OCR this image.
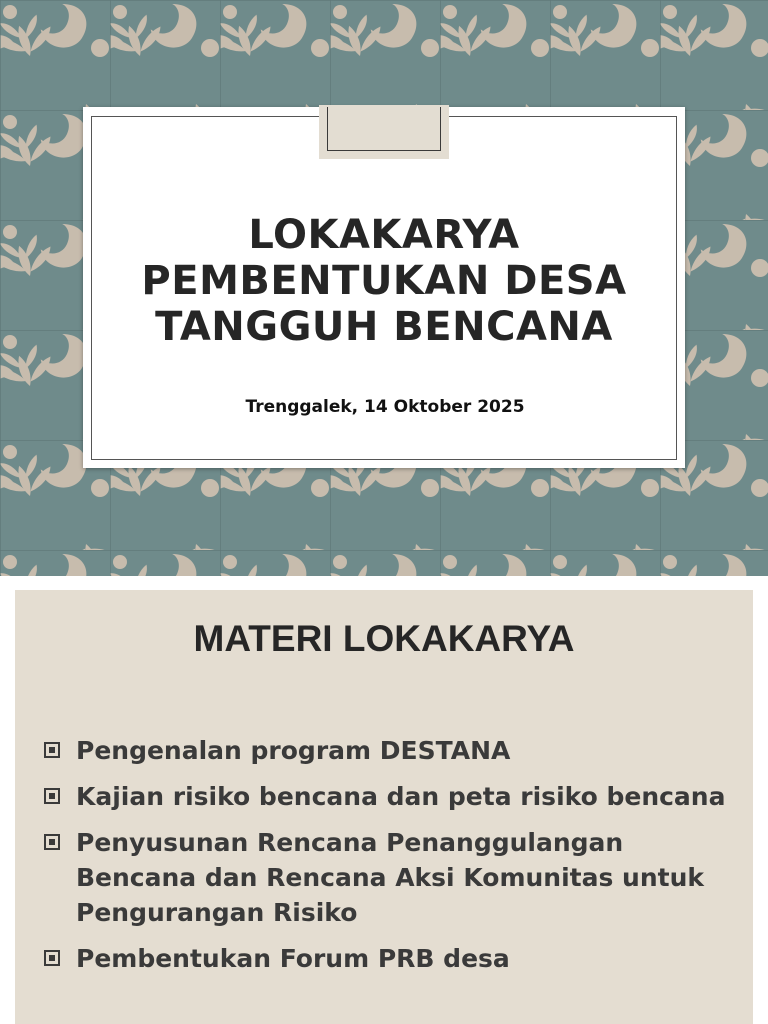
LOKAKARYA
PEMBENTUKAN DESA
TANGGUH BENCANA

Trenggalek, 14 Oktober 2025

MATERI LOKAKARYA
Pengenalan program DESTANA
Kajian risiko bencana dan peta risiko bencana
Penyusunan Rencana Penanggulangan Bencana dan Rencana Aksi Komunitas untuk Pengurangan Risiko
Pembentukan Forum PRB desa
